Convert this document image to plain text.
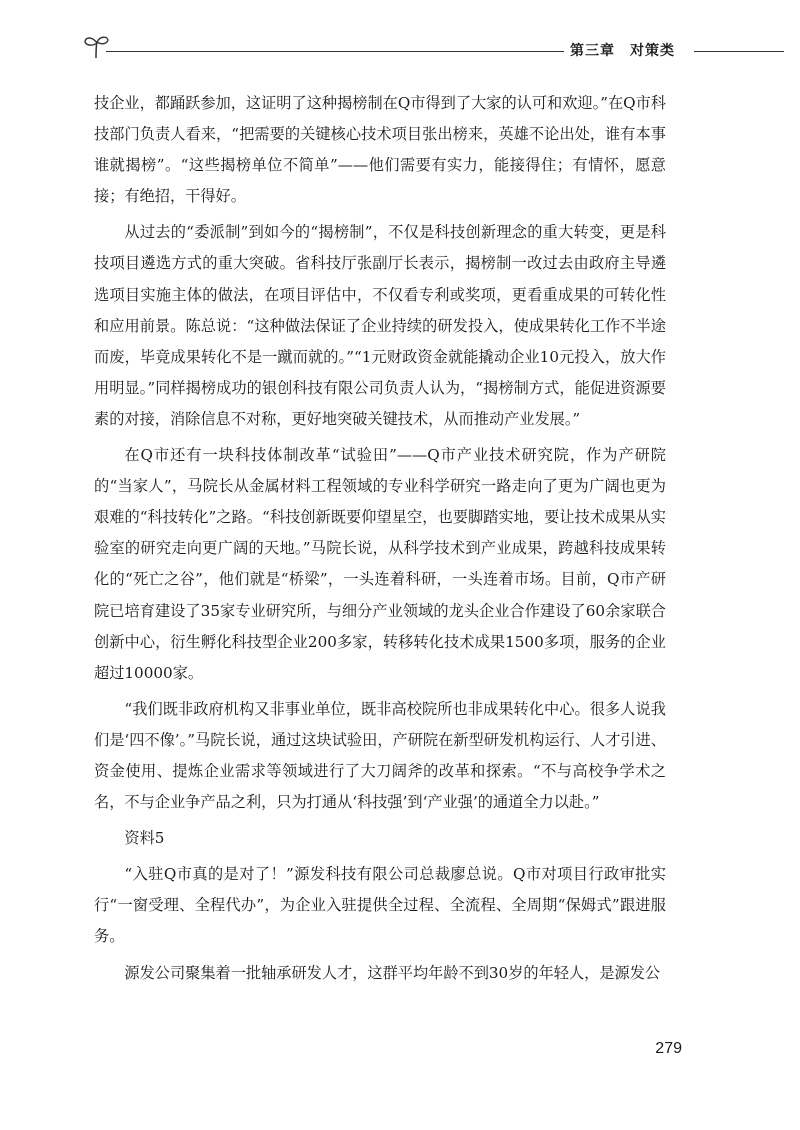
第三章　对策类

技企业，都踊跃参加，这证明了这种揭榜制在Q市得到了大家的认可和欢迎。”在Q市科技部门负责人看来，“把需要的关键核心技术项目张出榜来，英雄不论出处，谁有本事谁就揭榜”。“这些揭榜单位不简单”——他们需要有实力，能接得住；有情怀，愿意接；有绝招，干得好。

从过去的“委派制”到如今的“揭榜制”，不仅是科技创新理念的重大转变，更是科技项目遴选方式的重大突破。省科技厅张副厅长表示，揭榜制一改过去由政府主导遴选项目实施主体的做法，在项目评估中，不仅看专利或奖项，更看重成果的可转化性和应用前景。陈总说：“这种做法保证了企业持续的研发投入，使成果转化工作不半途而废，毕竟成果转化不是一蹴而就的。”“1元财政资金就能撬动企业10元投入，放大作用明显。”同样揭榜成功的银创科技有限公司负责人认为，“揭榜制方式，能促进资源要素的对接，消除信息不对称，更好地突破关键技术，从而推动产业发展。”

在Q市还有一块科技体制改革“试验田”——Q市产业技术研究院，作为产研院的“当家人”，马院长从金属材料工程领域的专业科学研究一路走向了更为广阔也更为艰难的“科技转化”之路。“科技创新既要仰望星空，也要脚踏实地，要让技术成果从实验室的研究走向更广阔的天地。”马院长说，从科学技术到产业成果，跨越科技成果转化的“死亡之谷”，他们就是“桥梁”，一头连着科研，一头连着市场。目前，Q市产研院已培育建设了35家专业研究所，与细分产业领域的龙头企业合作建设了60余家联合创新中心，衍生孵化科技型企业200多家，转移转化技术成果1500多项，服务的企业超过10000家。

“我们既非政府机构又非事业单位，既非高校院所也非成果转化中心。很多人说我们是‘四不像’。”马院长说，通过这块试验田，产研院在新型研发机构运行、人才引进、资金使用、提炼企业需求等领域进行了大刀阔斧的改革和探索。“不与高校争学术之名，不与企业争产品之利，只为打通从‘科技强’到‘产业强’的通道全力以赴。”

资料5

“入驻Q市真的是对了！”源发科技有限公司总裁廖总说。Q市对项目行政审批实行“一窗受理、全程代办”，为企业入驻提供全过程、全流程、全周期“保姆式”跟进服务。

源发公司聚集着一批轴承研发人才，这群平均年龄不到30岁的年轻人，是源发公

279
